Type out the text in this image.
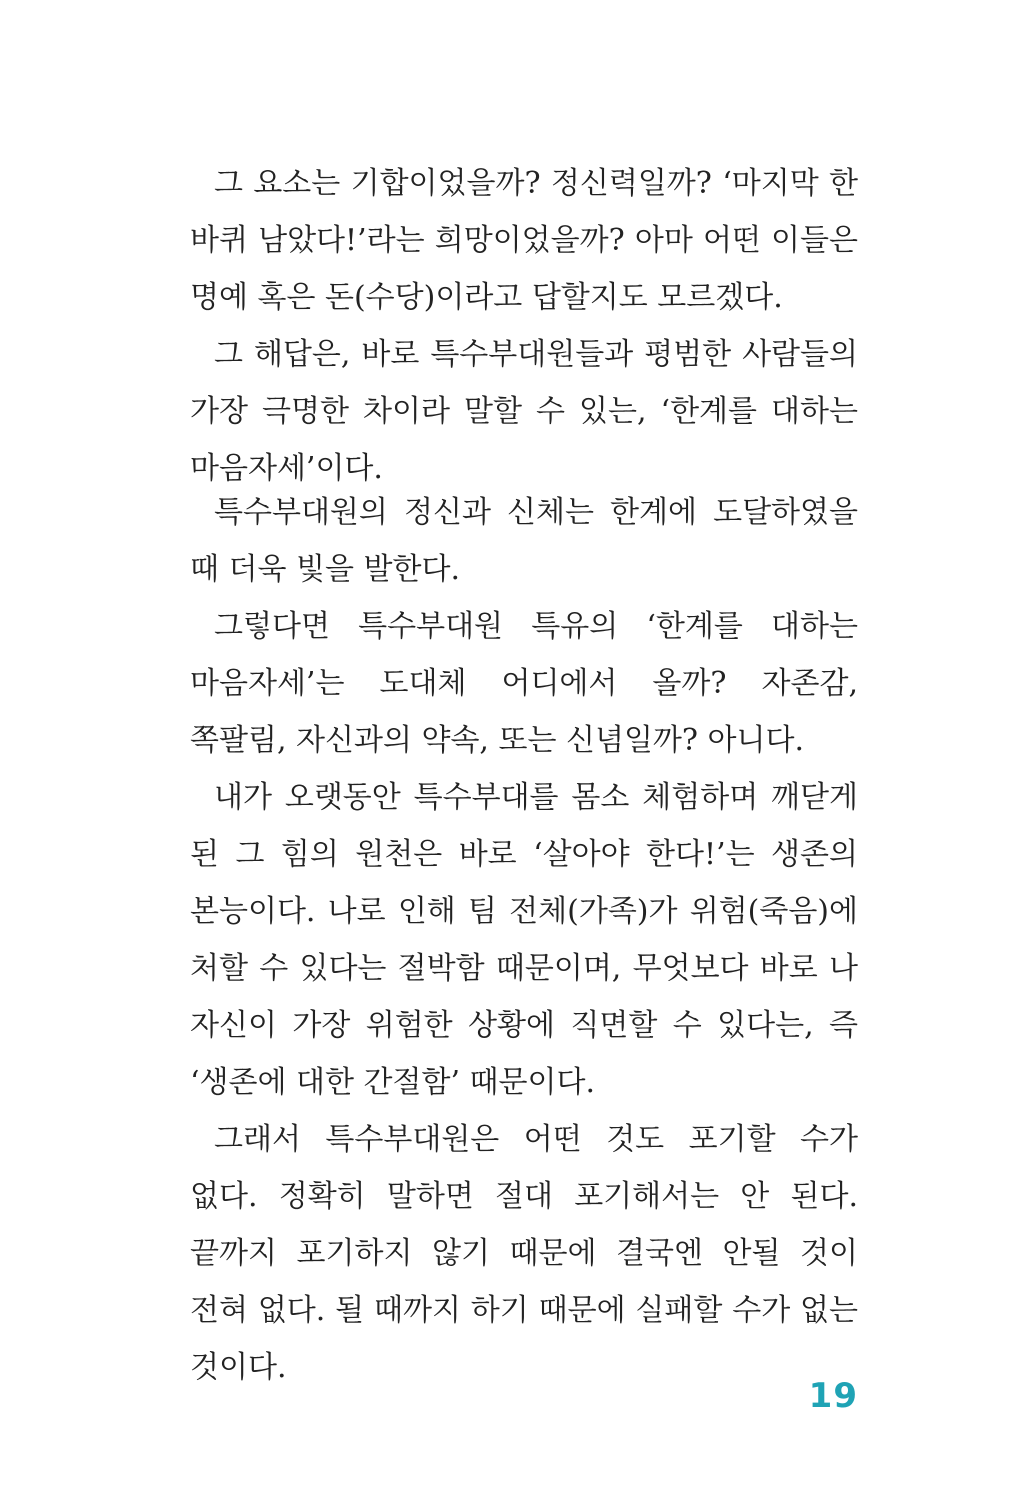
그 요소는 기합이었을까? 정신력일까? ‘마지막 한 바퀴 남았다!’라는 희망이었을까? 아마 어떤 이들은 명예 혹은 돈(수당)이라고 답할지도 모르겠다.

그 해답은, 바로 특수부대원들과 평범한 사람들의 가장 극명한 차이라 말할 수 있는, ‘한계를 대하는 마음자세’이다.

특수부대원의 정신과 신체는 한계에 도달하였을 때 더욱 빛을 발한다.

그렇다면 특수부대원 특유의 ‘한계를 대하는 마음자세’는 도대체 어디에서 올까? 자존감, 쪽팔림, 자신과의 약속, 또는 신념일까? 아니다.

내가 오랫동안 특수부대를 몸소 체험하며 깨닫게 된 그 힘의 원천은 바로 ‘살아야 한다!’는 생존의 본능이다. 나로 인해 팀 전체(가족)가 위험(죽음)에 처할 수 있다는 절박함 때문이며, 무엇보다 바로 나 자신이 가장 위험한 상황에 직면할 수 있다는, 즉 ‘생존에 대한 간절함’ 때문이다.

그래서 특수부대원은 어떤 것도 포기할 수가 없다. 정확히 말하면 절대 포기해서는 안 된다. 끝까지 포기하지 않기 때문에 결국엔 안될 것이 전혀 없다. 될 때까지 하기 때문에 실패할 수가 없는 것이다.

19
